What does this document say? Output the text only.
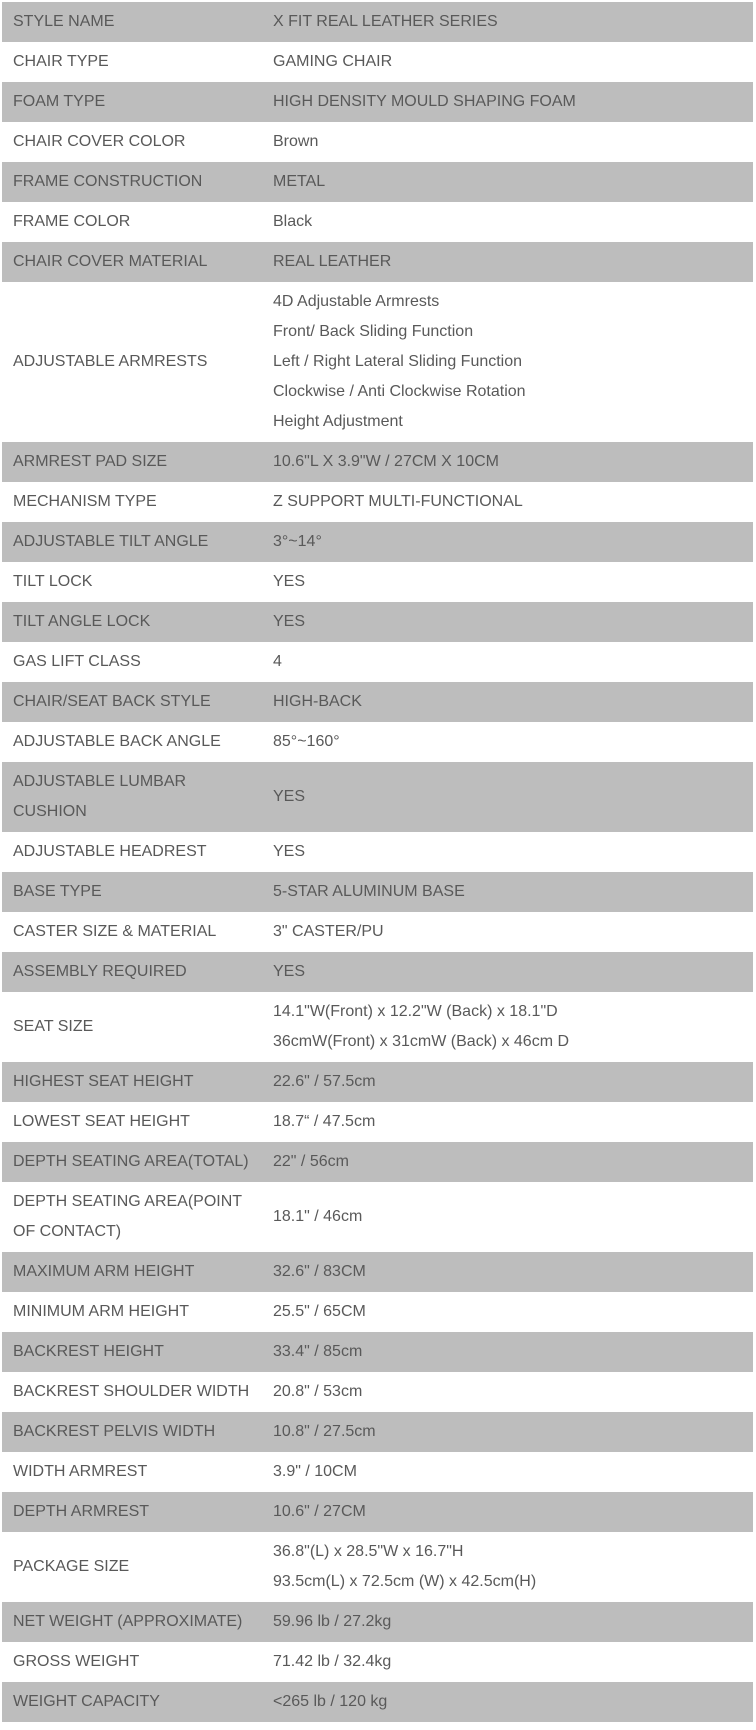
STYLE NAME	X FIT REAL LEATHER SERIES

CHAIR TYPE	GAMING CHAIR

FOAM TYPE	HIGH DENSITY MOULD SHAPING FOAM

CHAIR COVER COLOR	Brown

FRAME CONSTRUCTION	METAL

FRAME COLOR	Black

CHAIR COVER MATERIAL	REAL LEATHER

ADJUSTABLE ARMRESTS	4D Adjustable Armrests
Front/ Back Sliding Function
Left / Right Lateral Sliding Function
Clockwise / Anti Clockwise Rotation
Height Adjustment

ARMREST PAD SIZE	10.6"L X 3.9"W / 27CM X 10CM

MECHANISM TYPE	Z SUPPORT MULTI-FUNCTIONAL

ADJUSTABLE TILT ANGLE	3°~14°

TILT LOCK	YES

TILT ANGLE LOCK	YES

GAS LIFT CLASS	4

CHAIR/SEAT BACK STYLE	HIGH-BACK

ADJUSTABLE BACK ANGLE	85°~160°

ADJUSTABLE LUMBAR CUSHION	YES

ADJUSTABLE HEADREST	YES

BASE TYPE	5-STAR ALUMINUM BASE

CASTER SIZE & MATERIAL	3" CASTER/PU

ASSEMBLY REQUIRED	YES

SEAT SIZE	14.1"W(Front) x 12.2"W (Back) x 18.1"D
36cmW(Front) x 31cmW (Back) x 46cm D

HIGHEST SEAT HEIGHT	22.6" / 57.5cm

LOWEST SEAT HEIGHT	18.7“ / 47.5cm

DEPTH SEATING AREA(TOTAL)	22" / 56cm

DEPTH SEATING AREA(POINT OF CONTACT)	18.1" / 46cm

MAXIMUM ARM HEIGHT	32.6" / 83CM

MINIMUM ARM HEIGHT	25.5" / 65CM

BACKREST HEIGHT	33.4" / 85cm

BACKREST SHOULDER WIDTH	20.8" / 53cm

BACKREST PELVIS WIDTH	10.8" / 27.5cm

WIDTH ARMREST	3.9" / 10CM

DEPTH ARMREST	10.6" / 27CM

PACKAGE SIZE	36.8"(L) x 28.5"W x 16.7"H
93.5cm(L) x 72.5cm (W) x 42.5cm(H)

NET WEIGHT (APPROXIMATE)	59.96 lb / 27.2kg

GROSS WEIGHT	71.42 lb / 32.4kg

WEIGHT CAPACITY	<265 lb / 120 kg
